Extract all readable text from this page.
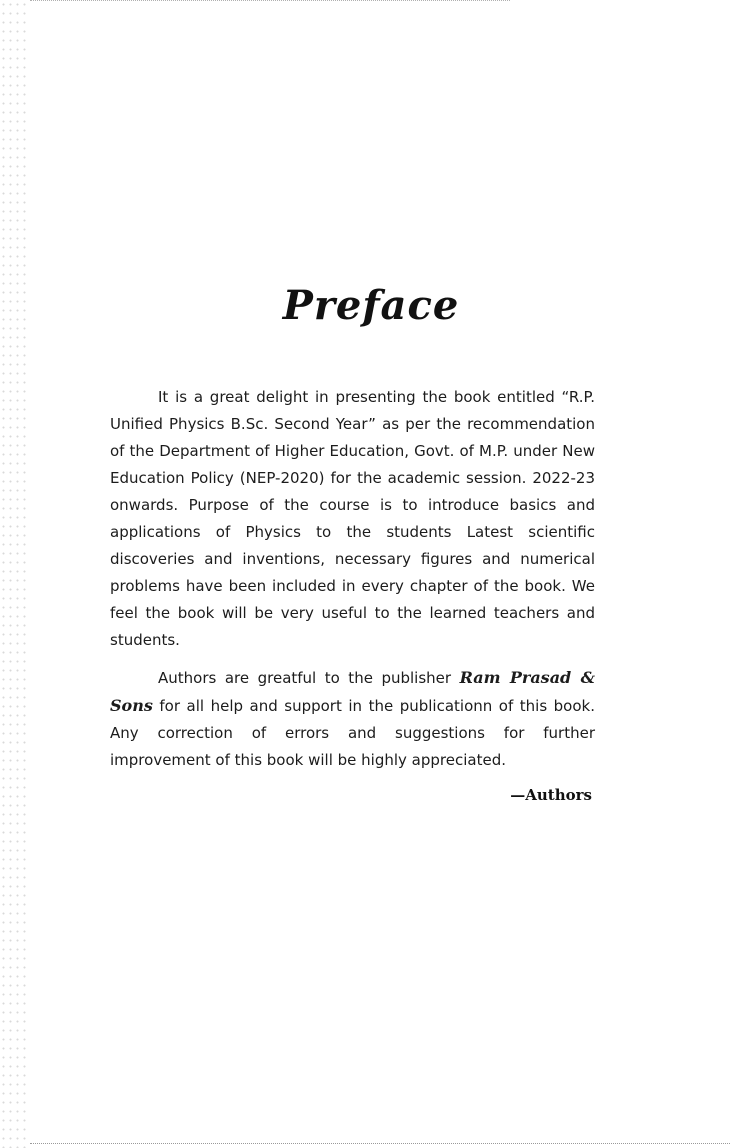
Preface

It is a great delight in presenting the book entitled “R.P. Unified Physics B.Sc. Second Year” as per the recommendation of the Department of Higher Education, Govt. of M.P. under New Education Policy (NEP-2020) for the academic session. 2022-23 onwards. Purpose of the course is to introduce basics and applications of Physics to the students Latest scientific discoveries and inventions, necessary figures and numerical problems have been included in every chapter of the book. We feel the book will be very useful to the learned teachers and students.

Authors are greatful to the publisher Ram Prasad & Sons for all help and support in the publicationn of this book. Any correction of errors and suggestions for further improvement of this book will be highly appreciated.

—Authors
